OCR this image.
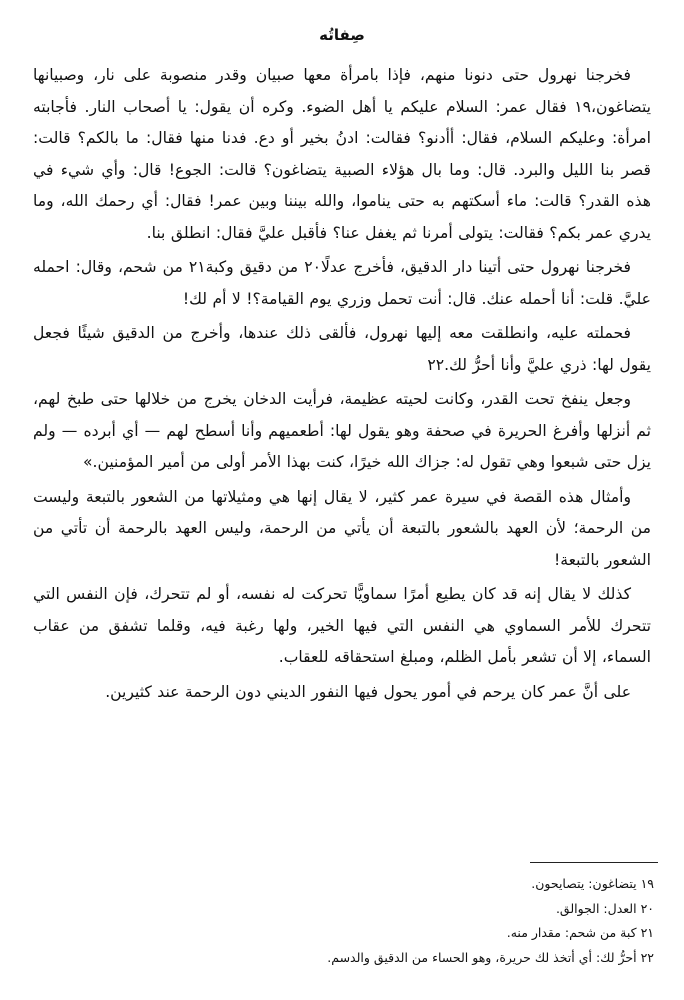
صِفاتُه

فخرجنا نهرول حتى دنونا منهم، فإذا بامرأة معها صبيان وقدر منصوبة على نار، وصبيانها يتضاغون،١٩ فقال عمر: السلام عليكم يا أهل الضوء. وكره أن يقول: يا أصحاب النار. فأجابته امرأة: وعليكم السلام، فقال: أأدنو؟ فقالت: ادنُ بخير أو دع. فدنا منها فقال: ما بالكم؟ قالت: قصر بنا الليل والبرد. قال: وما بال هؤلاء الصبية يتضاغون؟ قالت: الجوع! قال: وأي شيء في هذه القدر؟ قالت: ماء أسكتهم به حتى يناموا، والله بيننا وبين عمر! فقال: أي رحمك الله، وما يدري عمر بكم؟ فقالت: يتولى أمرنا ثم يغفل عنا؟ فأقبل عليَّ فقال: انطلق بنا.

فخرجنا نهرول حتى أتينا دار الدقيق، فأخرج عدلًا٢٠ من دقيق وكبة٢١ من شحم، وقال: احمله عليَّ. قلت: أنا أحمله عنك. قال: أنت تحمل وزري يوم القيامة؟! لا أم لك!

فحملته عليه، وانطلقت معه إليها نهرول، فألقى ذلك عندها، وأخرج من الدقيق شيئًا فجعل يقول لها: ذري عليَّ وأنا أحرُّ لك.٢٢

وجعل ينفخ تحت القدر، وكانت لحيته عظيمة، فرأيت الدخان يخرج من خلالها حتى طبخ لهم، ثم أنزلها وأفرغ الحريرة في صحفة وهو يقول لها: أطعميهم وأنا أسطح لهم — أي أبرده — ولم يزل حتى شبعوا وهي تقول له: جزاك الله خيرًا، كنت بهذا الأمر أولى من أمير المؤمنين.»

وأمثال هذه القصة في سيرة عمر كثير، لا يقال إنها هي ومثيلاتها من الشعور بالتبعة وليست من الرحمة؛ لأن العهد بالشعور بالتبعة أن يأتي من الرحمة، وليس العهد بالرحمة أن تأتي من الشعور بالتبعة!

كذلك لا يقال إنه قد كان يطيع أمرًا سماويًّا تحركت له نفسه، أو لم تتحرك، فإن النفس التي تتحرك للأمر السماوي هي النفس التي فيها الخير، ولها رغبة فيه، وقلما تشفق من عقاب السماء، إلا أن تشعر بأمل الظلم، ومبلغ استحقاقه للعقاب.

على أنَّ عمر كان يرحم في أمور يحول فيها النفور الديني دون الرحمة عند كثيرين.

١٩ يتضاغون: يتصايحون.

٢٠ العدل: الجوالق.

٢١ كبة من شحم: مقدار منه.

٢٢ أحرُّ لك: أي أتخذ لك حريرة، وهو الحساء من الدقيق والدسم.
